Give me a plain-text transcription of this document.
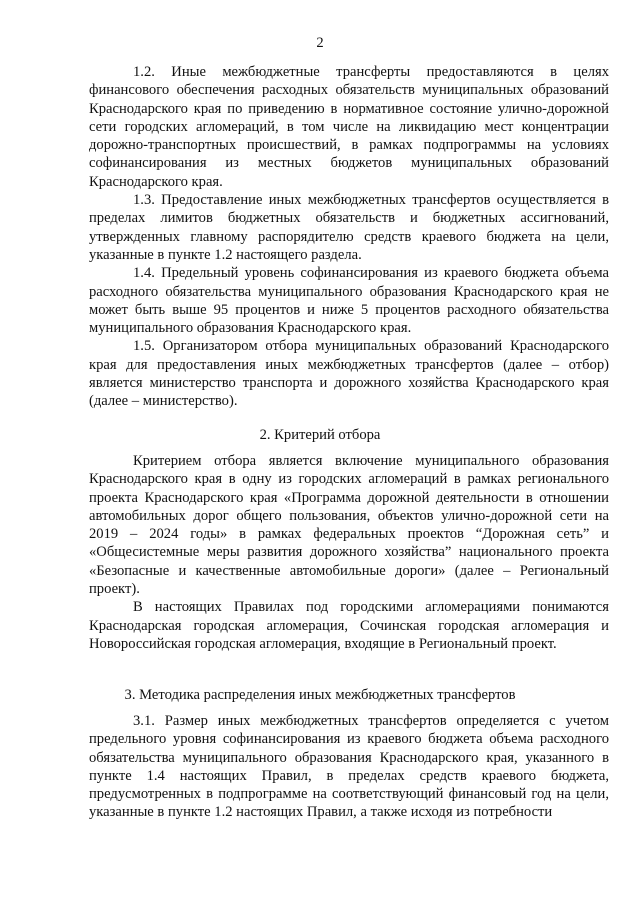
2

1.2. Иные межбюджетные трансферты предоставляются в целях финансового обеспечения расходных обязательств муниципальных образований Краснодарского края по приведению в нормативное состояние улично-дорожной сети городских агломераций, в том числе на ликвидацию мест концентрации дорожно-транспортных происшествий, в рамках подпрограммы на условиях софинансирования из местных бюджетов муниципальных образований Краснодарского края.

1.3. Предоставление иных межбюджетных трансфертов осуществляется в пределах лимитов бюджетных обязательств и бюджетных ассигнований, утвержденных главному распорядителю средств краевого бюджета на цели, указанные в пункте 1.2 настоящего раздела.

1.4. Предельный уровень софинансирования из краевого бюджета объема расходного обязательства муниципального образования Краснодарского края не может быть выше 95 процентов и ниже 5 процентов расходного обязательства муниципального образования Краснодарского края.

1.5. Организатором отбора муниципальных образований Краснодарского края для предоставления иных межбюджетных трансфертов (далее – отбор) является министерство транспорта и дорожного хозяйства Краснодарского края (далее – министерство).

2. Критерий отбора

Критерием отбора является включение муниципального образования Краснодарского края в одну из городских агломераций в рамках регионального проекта Краснодарского края «Программа дорожной деятельности в отношении автомобильных дорог общего пользования, объектов улично-дорожной сети на 2019 – 2024 годы» в рамках федеральных проектов “Дорожная сеть” и «Общесистемные меры развития дорожного хозяйства” национального проекта «Безопасные и качественные автомобильные дороги» (далее – Региональный проект).

В настоящих Правилах под городскими агломерациями понимаются Краснодарская городская агломерация, Сочинская городская агломерация и Новороссийская городская агломерация, входящие в Региональный проект.

3. Методика распределения иных межбюджетных трансфертов

3.1. Размер иных межбюджетных трансфертов определяется с учетом предельного уровня софинансирования из краевого бюджета объема расходного обязательства муниципального образования Краснодарского края, указанного в пункте 1.4 настоящих Правил, в пределах средств краевого бюджета, предусмотренных в подпрограмме на соответствующий финансовый год на цели, указанные в пункте 1.2 настоящих Правил, а также исходя из потребности
